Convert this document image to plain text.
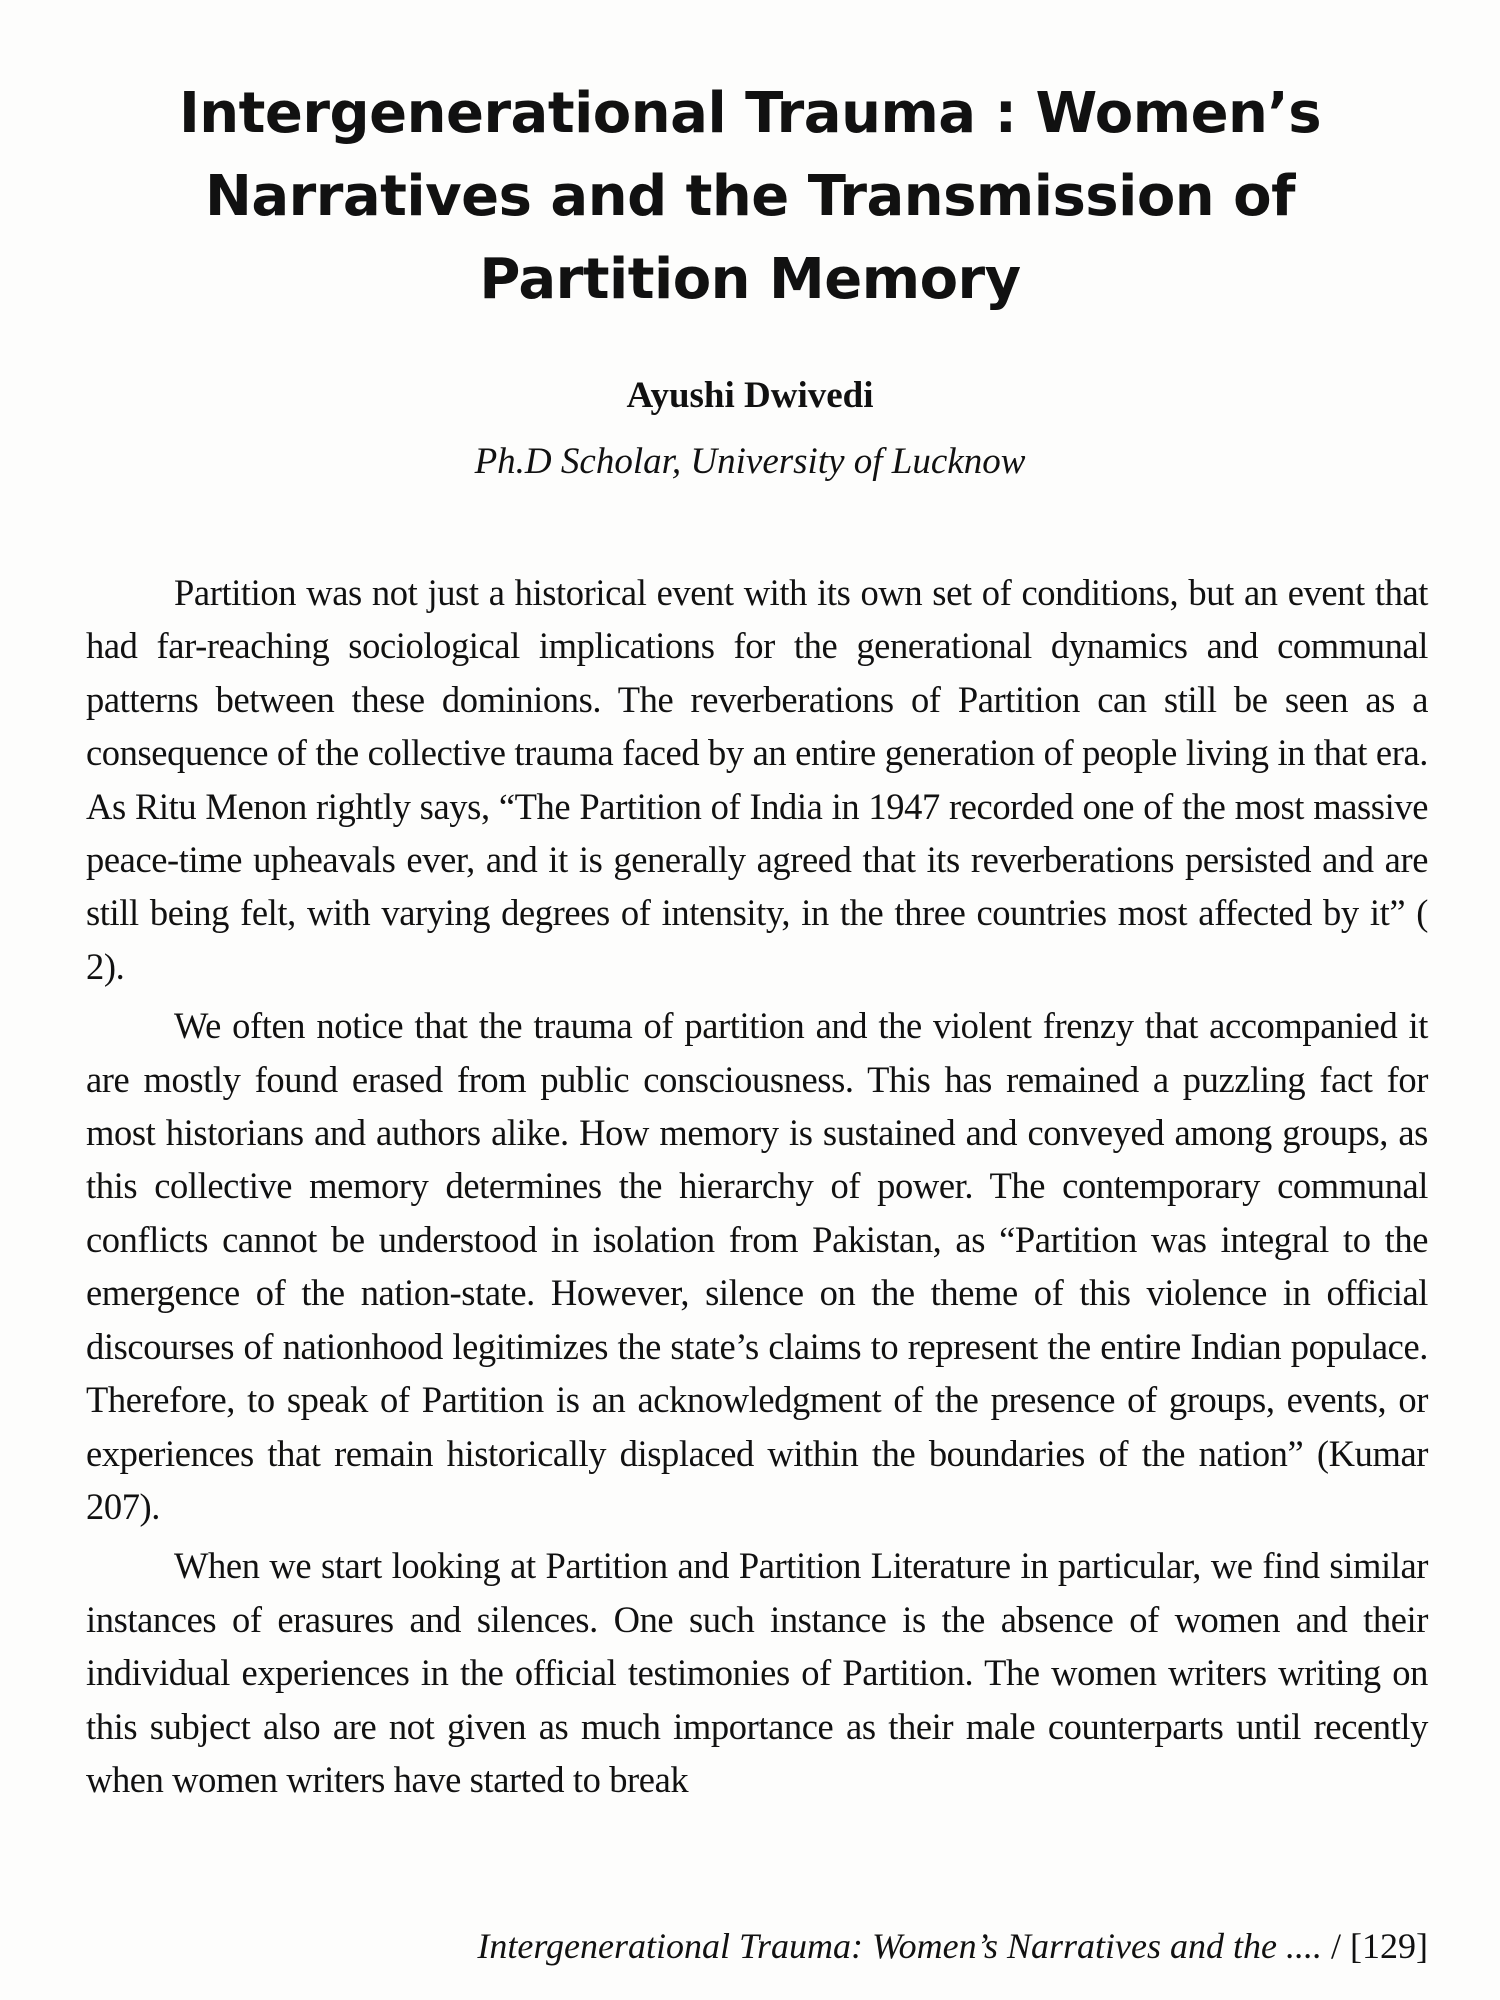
Intergenerational Trauma : Women’s
Narratives and the Transmission of
Partition Memory
Ayushi Dwivedi
Ph.D Scholar, University of Lucknow

Partition was not just a historical event with its own set of conditions, but an event that had far-reaching sociological implications for the generational dynamics and communal patterns between these dominions. The reverberations of Partition can still be seen as a consequence of the collective trauma faced by an entire generation of people living in that era. As Ritu Menon rightly says, “The Partition of India in 1947 recorded one of the most massive peace-time upheavals ever, and it is generally agreed that its reverberations persisted and are still being felt, with varying degrees of intensity, in the three countries most affected by it” ( 2).

We often notice that the trauma of partition and the violent frenzy that accompanied it are mostly found erased from public consciousness. This has remained a puzzling fact for most historians and authors alike. How memory is sustained and conveyed among groups, as this collective memory determines the hierarchy of power. The contemporary communal conflicts cannot be understood in isolation from Pakistan, as “Partition was integral to the emergence of the nation-state. However, silence on the theme of this violence in official discourses of nationhood legitimizes the state’s claims to represent the entire Indian populace. Therefore, to speak of Partition is an acknowledgment of the presence of groups, events, or experiences that remain historically displaced within the boundaries of the nation” (Kumar 207).

When we start looking at Partition and Partition Literature in particular, we find similar instances of erasures and silences. One such instance is the absence of women and their individual experiences in the official testimonies of Partition. The women writers writing on this subject also are not given as much importance as their male counterparts until recently when women writers have started to break

Intergenerational Trauma: Women’s Narratives and the .... / [129]
